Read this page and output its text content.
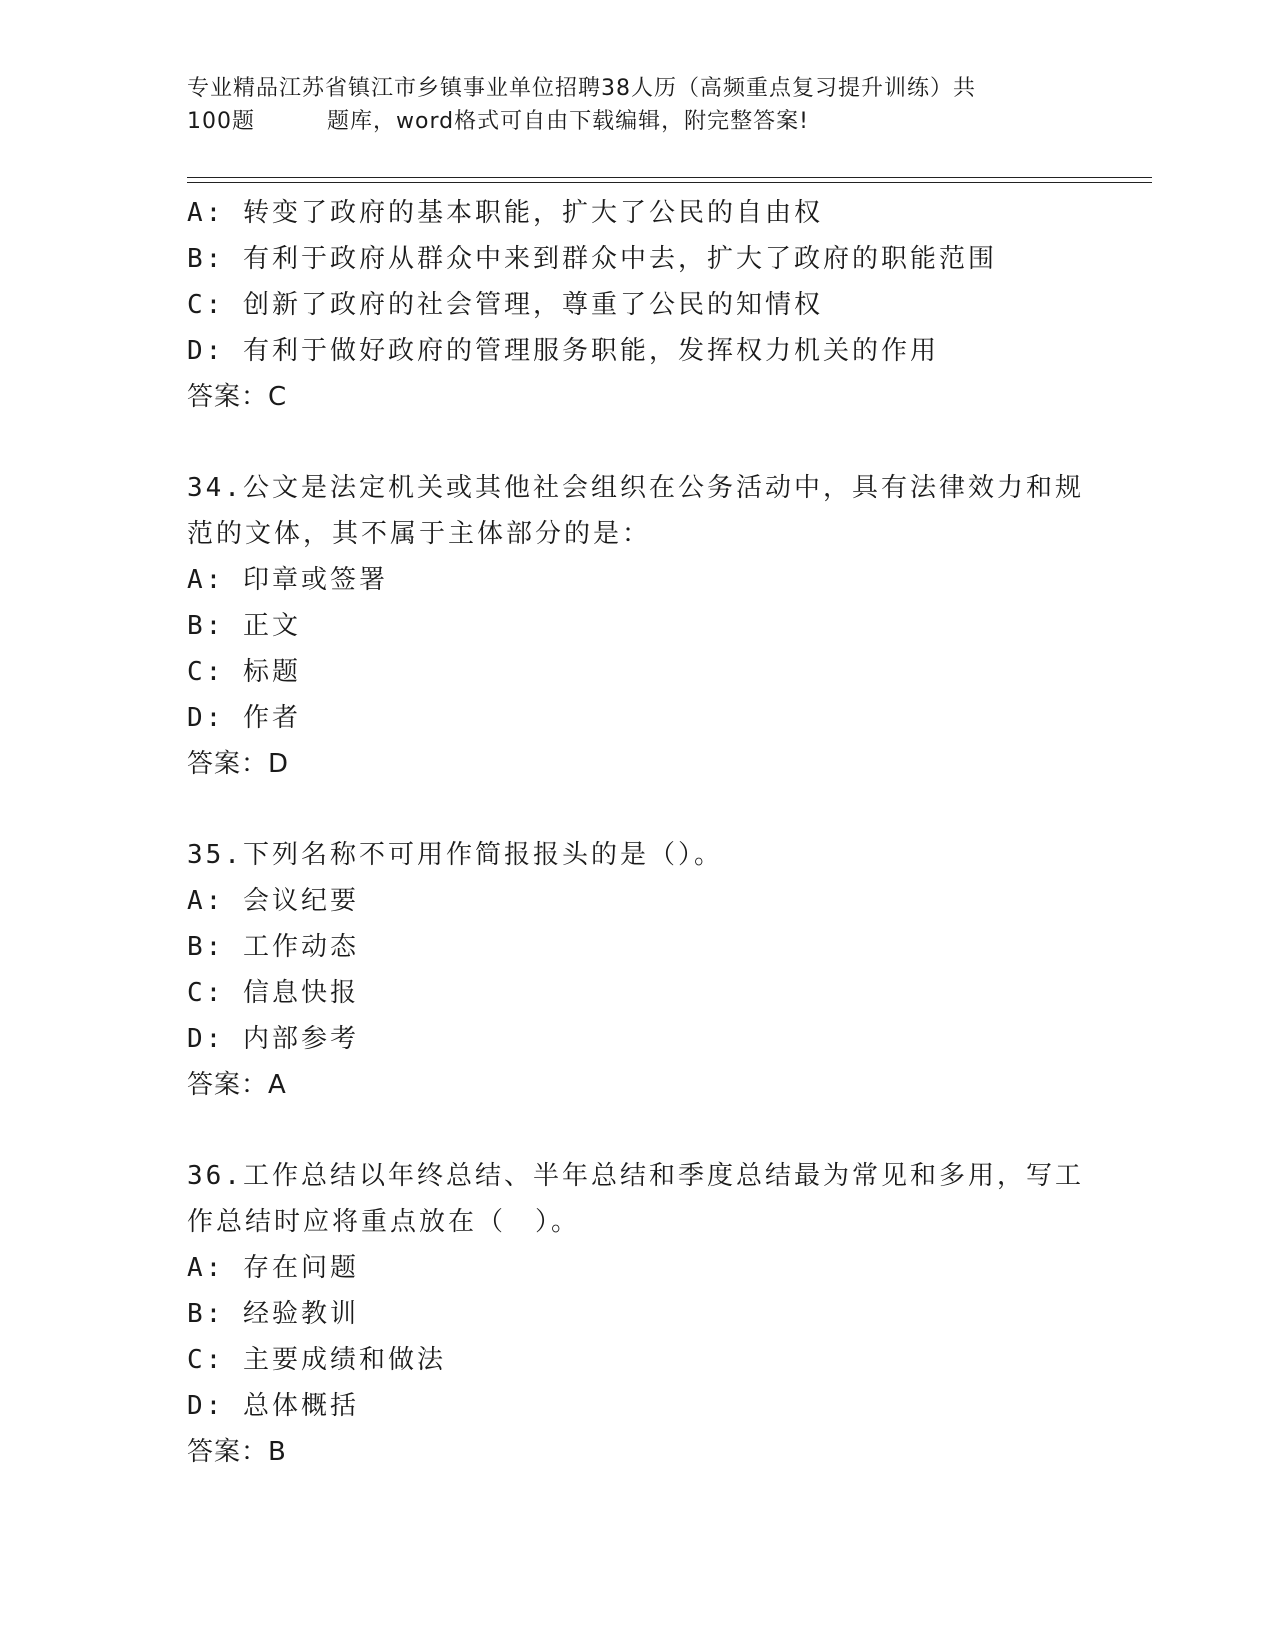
专业精品江苏省镇江市乡镇事业单位招聘38人历（高频重点复习提升训练）共
100题	题库，word格式可自由下载编辑，附完整答案!
A: 转变了政府的基本职能，扩大了公民的自由权
B: 有利于政府从群众中来到群众中去，扩大了政府的职能范围
C: 创新了政府的社会管理，尊重了公民的知情权
D: 有利于做好政府的管理服务职能，发挥权力机关的作用
答案：C
34.公文是法定机关或其他社会组织在公务活动中，具有法律效力和规
范的文体，其不属于主体部分的是：
A: 印章或签署
B: 正文
C: 标题
D: 作者
答案：D
35.下列名称不可用作简报报头的是（）。
A: 会议纪要
B: 工作动态
C: 信息快报
D: 内部参考
答案：A
36.工作总结以年终总结、半年总结和季度总结最为常见和多用，写工
作总结时应将重点放在（　）。
A: 存在问题
B: 经验教训
C: 主要成绩和做法
D: 总体概括
答案：B
